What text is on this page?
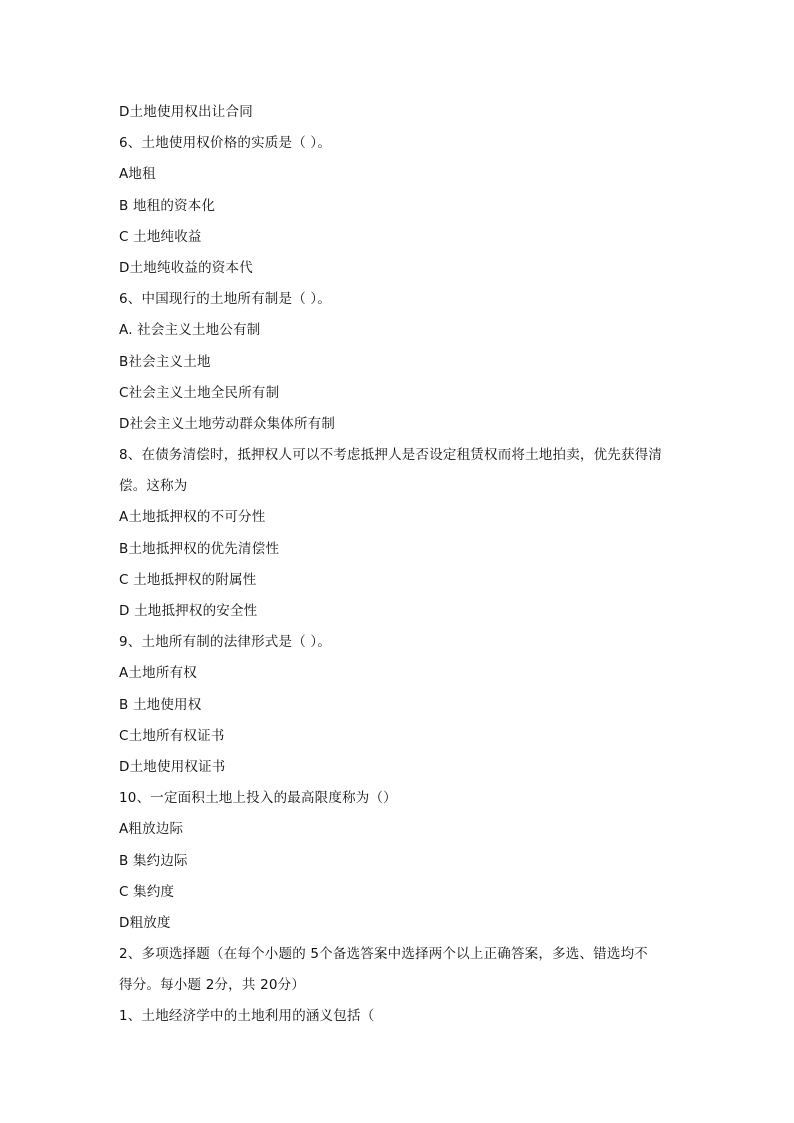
D土地使用权出让合同
6、土地使用权价格的实质是（ ）。
A地租
B 地租的资本化
C 土地纯收益
D土地纯收益的资本代
6、中国现行的土地所有制是（ ）。
A. 社会主义土地公有制
B社会主义土地
C社会主义土地全民所有制
D社会主义土地劳动群众集体所有制
8、在债务清偿时，抵押权人可以不考虑抵押人是否设定租赁权而将土地拍卖，优先获得清
偿。这称为
A土地抵押权的不可分性
B土地抵押权的优先清偿性
C 土地抵押权的附属性
D 土地抵押权的安全性
9、土地所有制的法律形式是（ ）。
A土地所有权
B 土地使用权
C土地所有权证书
D土地使用权证书
10、一定面积土地上投入的最高限度称为（）
A粗放边际
B 集约边际
C 集约度
D粗放度
2、多项选择题（在每个小题的 5个备选答案中选择两个以上正确答案，多选、错选均不
得分。每小题 2分，共 20分）
1、土地经济学中的土地利用的涵义包括（
